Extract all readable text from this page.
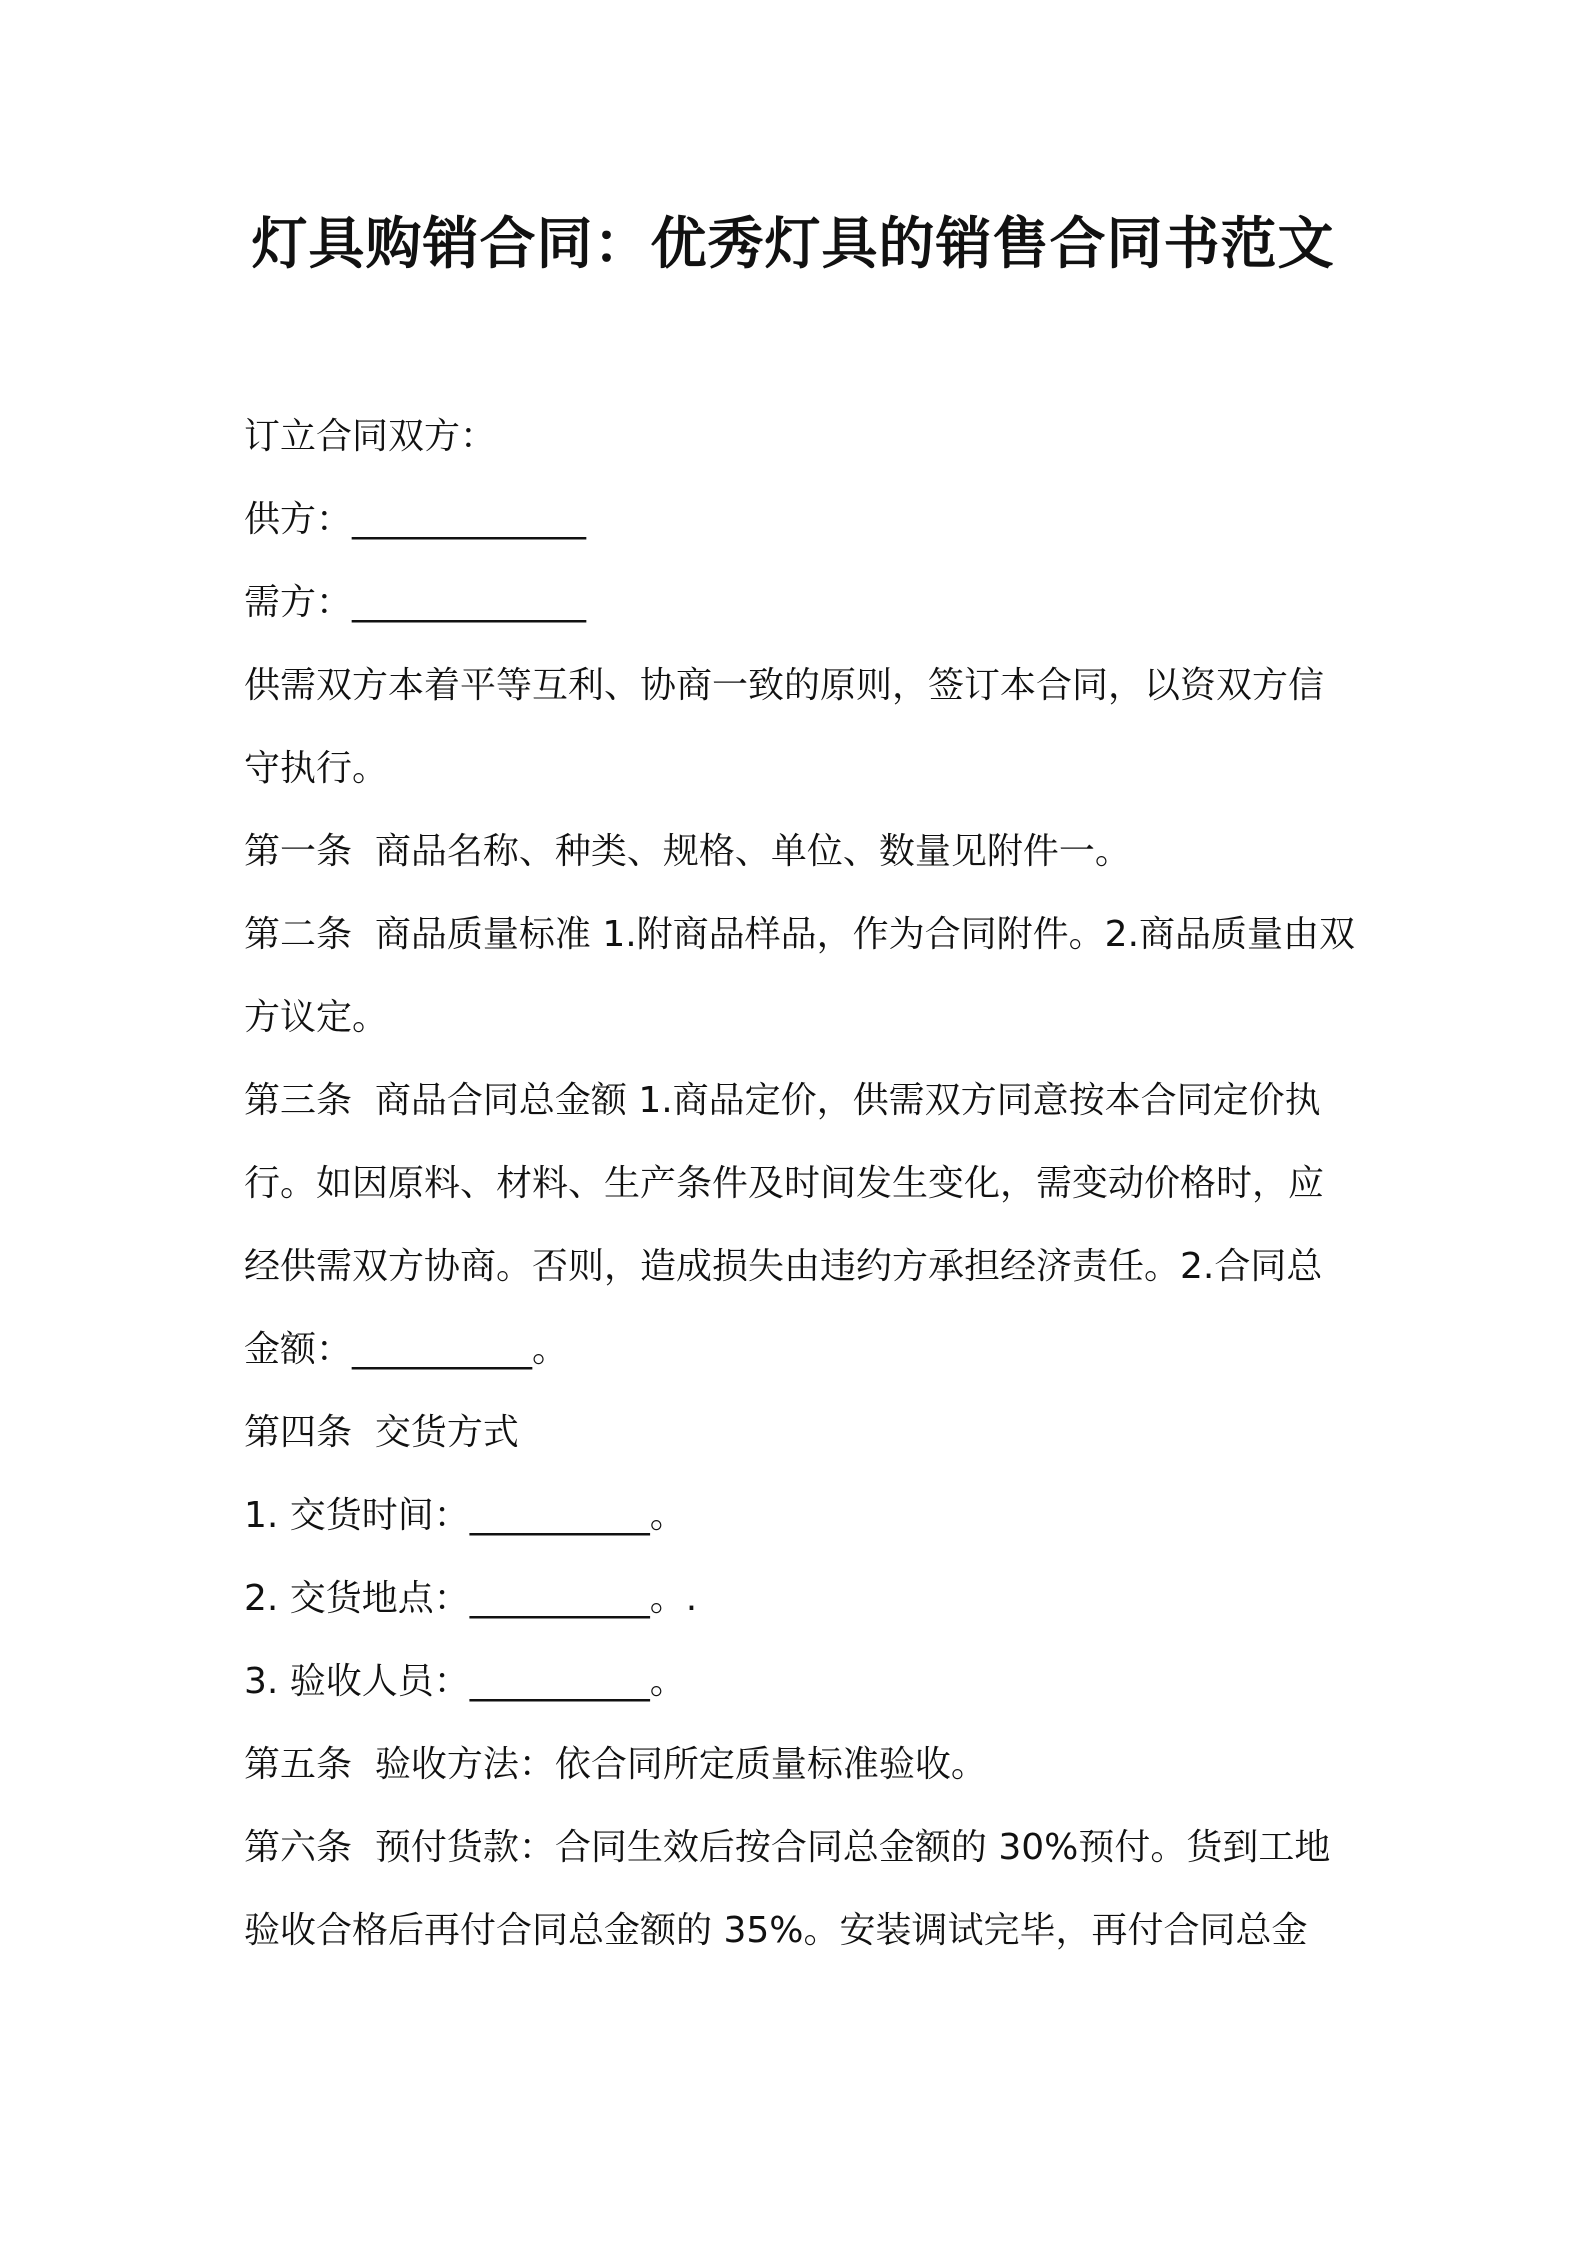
灯具购销合同：优秀灯具的销售合同书范文

订立合同双方：

供方：_____________

需方：_____________

供需双方本着平等互利、协商一致的原则，签订本合同，以资双方信守执行。

第一条  商品名称、种类、规格、单位、数量见附件一。

第二条  商品质量标准 1.附商品样品，作为合同附件。2.商品质量由双方议定。

第三条  商品合同总金额 1.商品定价，供需双方同意按本合同定价执行。如因原料、材料、生产条件及时间发生变化，需变动价格时，应经供需双方协商。否则，造成损失由违约方承担经济责任。2.合同总金额：__________。

第四条  交货方式

1. 交货时间：__________。

2. 交货地点：__________。.

3. 验收人员：__________。

第五条  验收方法：依合同所定质量标准验收。

第六条  预付货款：合同生效后按合同总金额的 30%预付。货到工地验收合格后再付合同总金额的 35%。安装调试完毕，再付合同总金
